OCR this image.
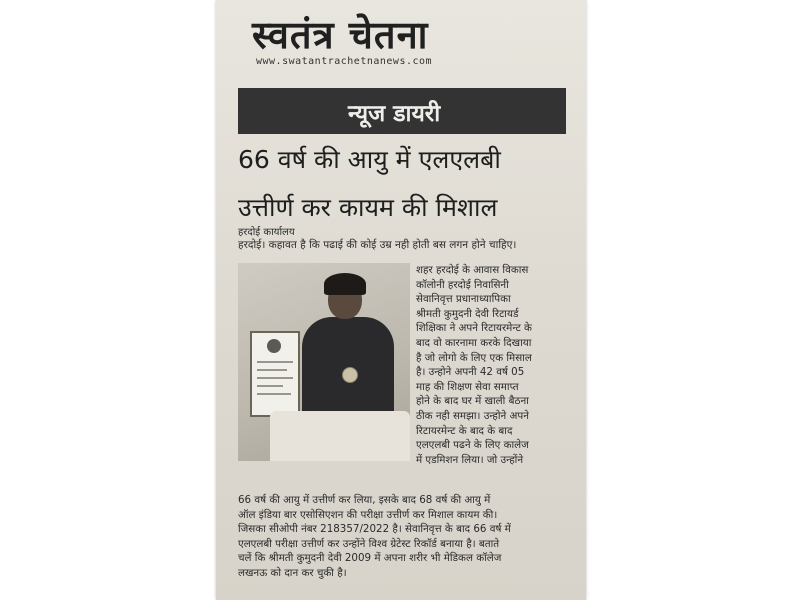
स्वतंत्र चेतना
www.swatantrachetnanews.com
न्यूज डायरी
66 वर्ष की आयु में एलएलबी
उत्तीर्ण कर कायम की मिशाल
हरदोई कार्यालय
हरदोई। कहावत है कि पढाई की कोई उम्र नही होती बस लगन होने चाहिए।
शहर हरदोई के आवास विकास
कॉलोनी हरदोई निवासिनी
सेवानिवृत्त प्रधानाध्यापिका
श्रीमती कुमुदनी देवी रिटायर्ड
शिक्षिका ने अपने रिटायरमेन्ट के
बाद वो कारनामा करके दिखाया
है जो लोगो के लिए एक मिसाल
है। उन्होने अपनी 42 वर्ष 05
माह की शिक्षण सेवा समाप्त
होने के बाद घर में खाली बैठना
ठीक नही समझा। उन्होने अपने
रिटायरमेन्ट के बाद के बाद
एलएलबी पढने के लिए कालेज
में एडमिशन लिया। जो उन्होंने
66 वर्ष की आयु में उत्तीर्ण कर लिया, इसके बाद 68 वर्ष की आयु में
ऑल इंडिया बार एसोसिएशन की परीक्षा उत्तीर्ण कर मिशाल कायम की।
जिसका सीओपी नंबर 218357/2022 है। सेवानिवृत्त के बाद 66 वर्ष में
एलएलबी परीक्षा उत्तीर्ण कर उन्होंने विश्व ग्रेटेस्ट रिकॉर्ड बनाया है। बताते
चलें कि श्रीमती कुमुदनी देवी 2009 में अपना शरीर भी मेडिकल कॉलेज
लखनऊ को दान कर चुकी है।
